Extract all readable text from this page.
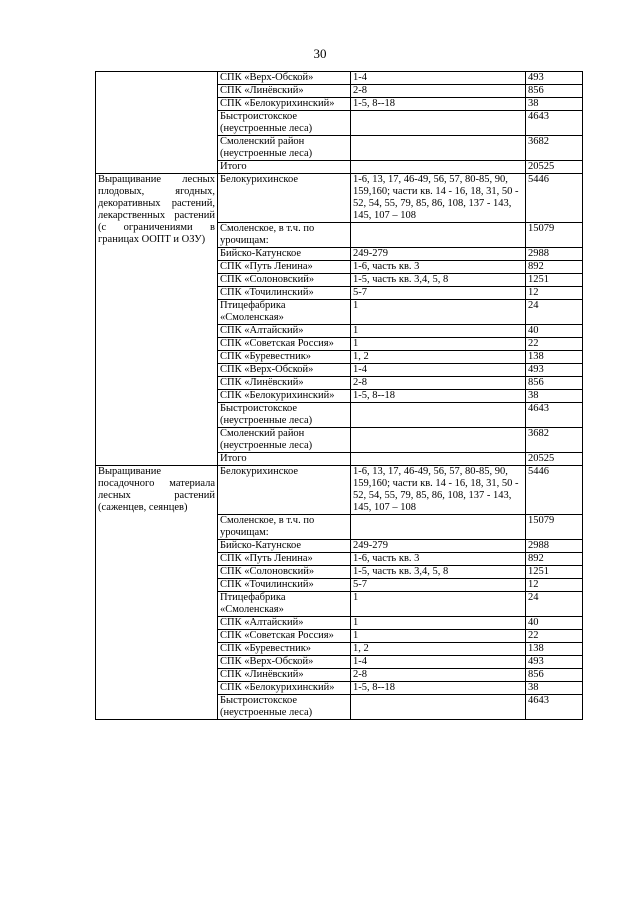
30
	СПК «Верх-Обской»	1-4	493
	СПК «Линёвский»	2-8	856
	СПК «Белокурихинский»	1-5, 8--18	38
	Быстроистокское (неустроенные леса)		4643
	Смоленский район (неустроенные леса)		3682
	Итого		20525
Выращивание лесных плодовых, ягодных, декоративных растений, лекарственных растений (с ограничениями в границах ООПТ и ОЗУ)	Белокурихинское	1-6, 13, 17, 46-49, 56, 57, 80-85, 90, 159,160; части кв. 14 - 16, 18, 31, 50 - 52, 54, 55, 79, 85, 86, 108, 137 - 143, 145, 107 – 108	5446
	Смоленское, в т.ч. по урочищам:		15079
	Бийско-Катунское	249-279	2988
	СПК «Путь Ленина»	1-6, часть кв. 3	892
	СПК «Солоновский»	1-5, часть кв. 3,4, 5, 8	1251
	СПК «Точилинский»	5-7	12
	Птицефабрика «Смоленская»	1	24
	СПК «Алтайский»	1	40
	СПК «Советская Россия»	1	22
	СПК «Буревестник»	1, 2	138
	СПК «Верх-Обской»	1-4	493
	СПК «Линёвский»	2-8	856
	СПК «Белокурихинский»	1-5, 8--18	38
	Быстроистокское (неустроенные леса)		4643
	Смоленский район (неустроенные леса)		3682
	Итого		20525
Выращивание посадочного материала лесных растений (саженцев, сеянцев)	Белокурихинское	1-6, 13, 17, 46-49, 56, 57, 80-85, 90, 159,160; части кв. 14 - 16, 18, 31, 50 - 52, 54, 55, 79, 85, 86, 108, 137 - 143, 145, 107 – 108	5446
	Смоленское, в т.ч. по урочищам:		15079
	Бийско-Катунское	249-279	2988
	СПК «Путь Ленина»	1-6, часть кв. 3	892
	СПК «Солоновский»	1-5, часть кв. 3,4, 5, 8	1251
	СПК «Точилинский»	5-7	12
	Птицефабрика «Смоленская»	1	24
	СПК «Алтайский»	1	40
	СПК «Советская Россия»	1	22
	СПК «Буревестник»	1, 2	138
	СПК «Верх-Обской»	1-4	493
	СПК «Линёвский»	2-8	856
	СПК «Белокурихинский»	1-5, 8--18	38
	Быстроистокское (неустроенные леса)		4643
